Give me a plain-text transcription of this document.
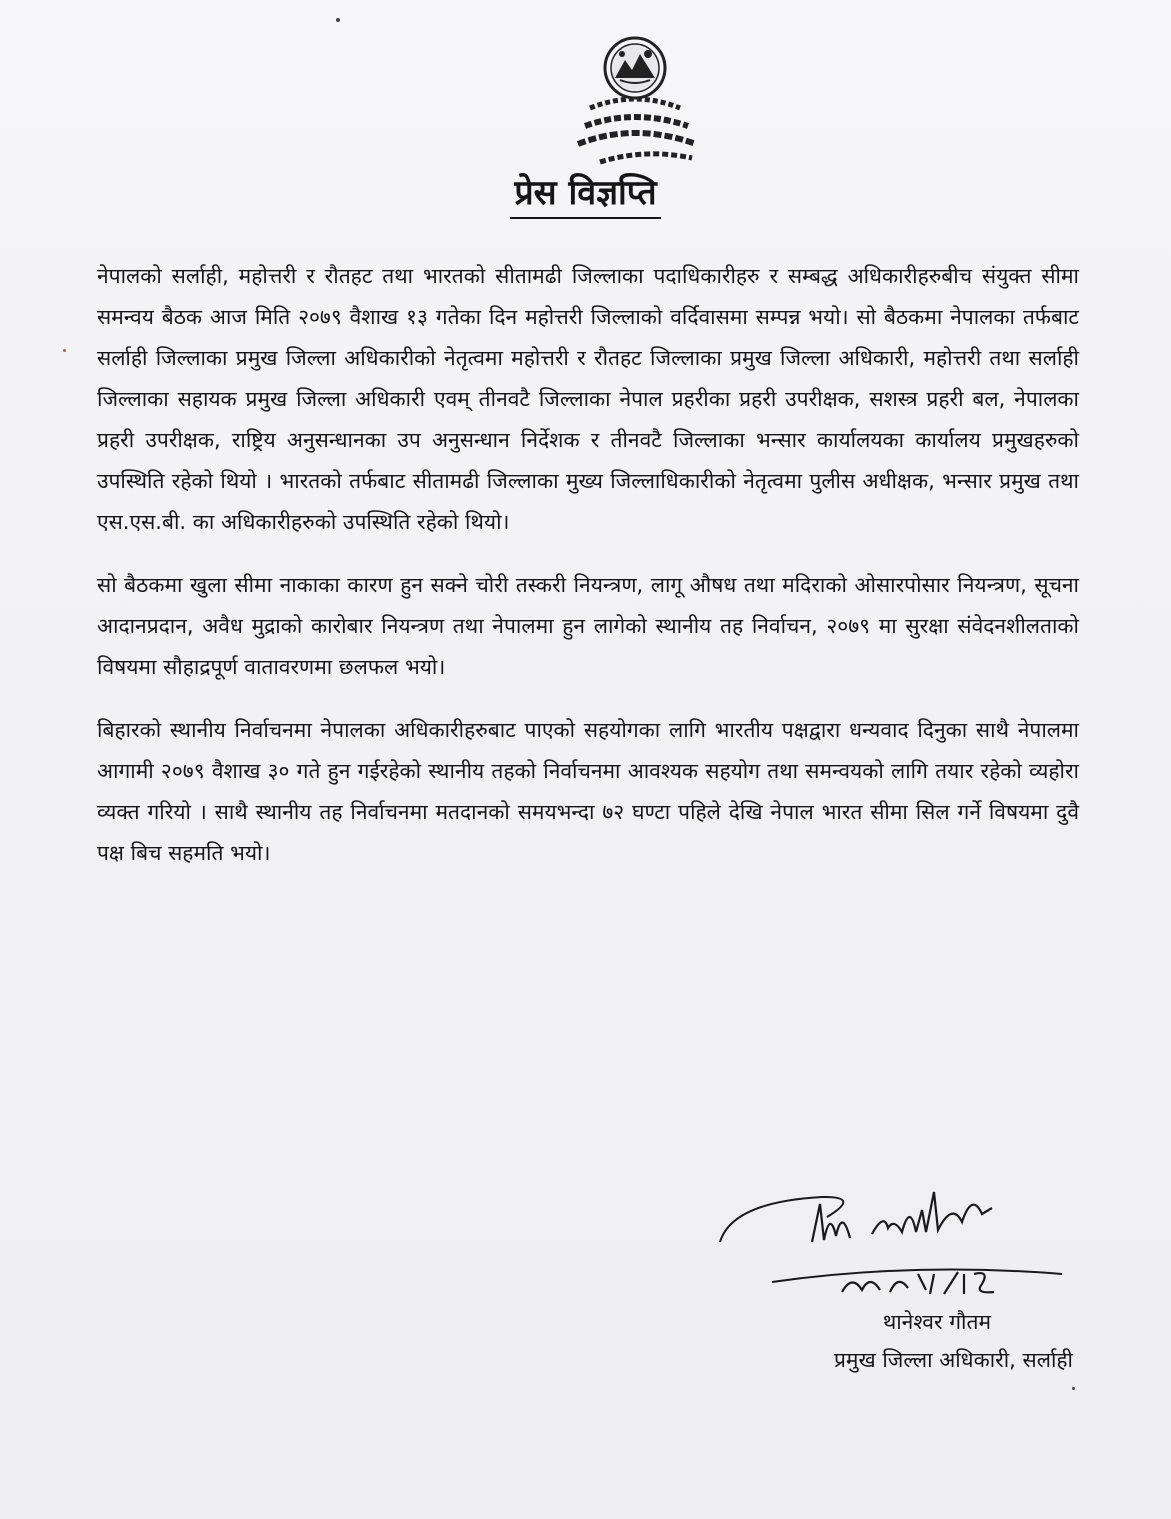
प्रेस विज्ञप्ति

नेपालको सर्लाही, महोत्तरी र रौतहट तथा भारतको सीतामढी जिल्लाका पदाधिकारीहरु र सम्बद्ध अधिकारीहरुबीच संयुक्त सीमा समन्वय बैठक आज मिति २०७९ वैशाख १३ गतेका दिन महोत्तरी जिल्लाको वर्दिवासमा सम्पन्न भयो। सो बैठकमा नेपालका तर्फबाट सर्लाही जिल्लाका प्रमुख जिल्ला अधिकारीको नेतृत्वमा महोत्तरी र रौतहट जिल्लाका प्रमुख जिल्ला अधिकारी, महोत्तरी तथा सर्लाही जिल्लाका सहायक प्रमुख जिल्ला अधिकारी एवम् तीनवटै जिल्लाका नेपाल प्रहरीका प्रहरी उपरीक्षक, सशस्त्र प्रहरी बल, नेपालका प्रहरी उपरीक्षक, राष्ट्रिय अनुसन्धानका उप अनुसन्धान निर्देशक र तीनवटै जिल्लाका भन्सार कार्यालयका कार्यालय प्रमुखहरुको उपस्थिति रहेको थियो । भारतको तर्फबाट सीतामढी जिल्लाका मुख्य जिल्लाधिकारीको नेतृत्वमा पुलीस अधीक्षक, भन्सार प्रमुख तथा एस.एस.बी. का अधिकारीहरुको उपस्थिति रहेको थियो।

सो बैठकमा खुला सीमा नाकाका कारण हुन सक्ने चोरी तस्करी नियन्त्रण, लागू औषध तथा मदिराको ओसारपोसार नियन्त्रण, सूचना आदानप्रदान, अवैध मुद्राको कारोबार नियन्त्रण तथा नेपालमा हुन लागेको स्थानीय तह निर्वाचन, २०७९ मा सुरक्षा संवेदनशीलताको विषयमा सौहाद्रपूर्ण वातावरणमा छलफल भयो।

बिहारको स्थानीय निर्वाचनमा नेपालका अधिकारीहरुबाट पाएको सहयोगका लागि भारतीय पक्षद्वारा धन्यवाद दिनुका साथै नेपालमा आगामी २०७९ वैशाख ३० गते हुन गईरहेको स्थानीय तहको निर्वाचनमा आवश्यक सहयोग तथा समन्वयको लागि तयार रहेको व्यहोरा व्यक्त गरियो । साथै स्थानीय तह निर्वाचनमा मतदानको समयभन्दा ७२ घण्टा पहिले देखि नेपाल भारत सीमा सिल गर्ने विषयमा दुवै पक्ष बिच सहमति भयो।

थानेश्वर गौतम
प्रमुख जिल्ला अधिकारी, सर्लाही
